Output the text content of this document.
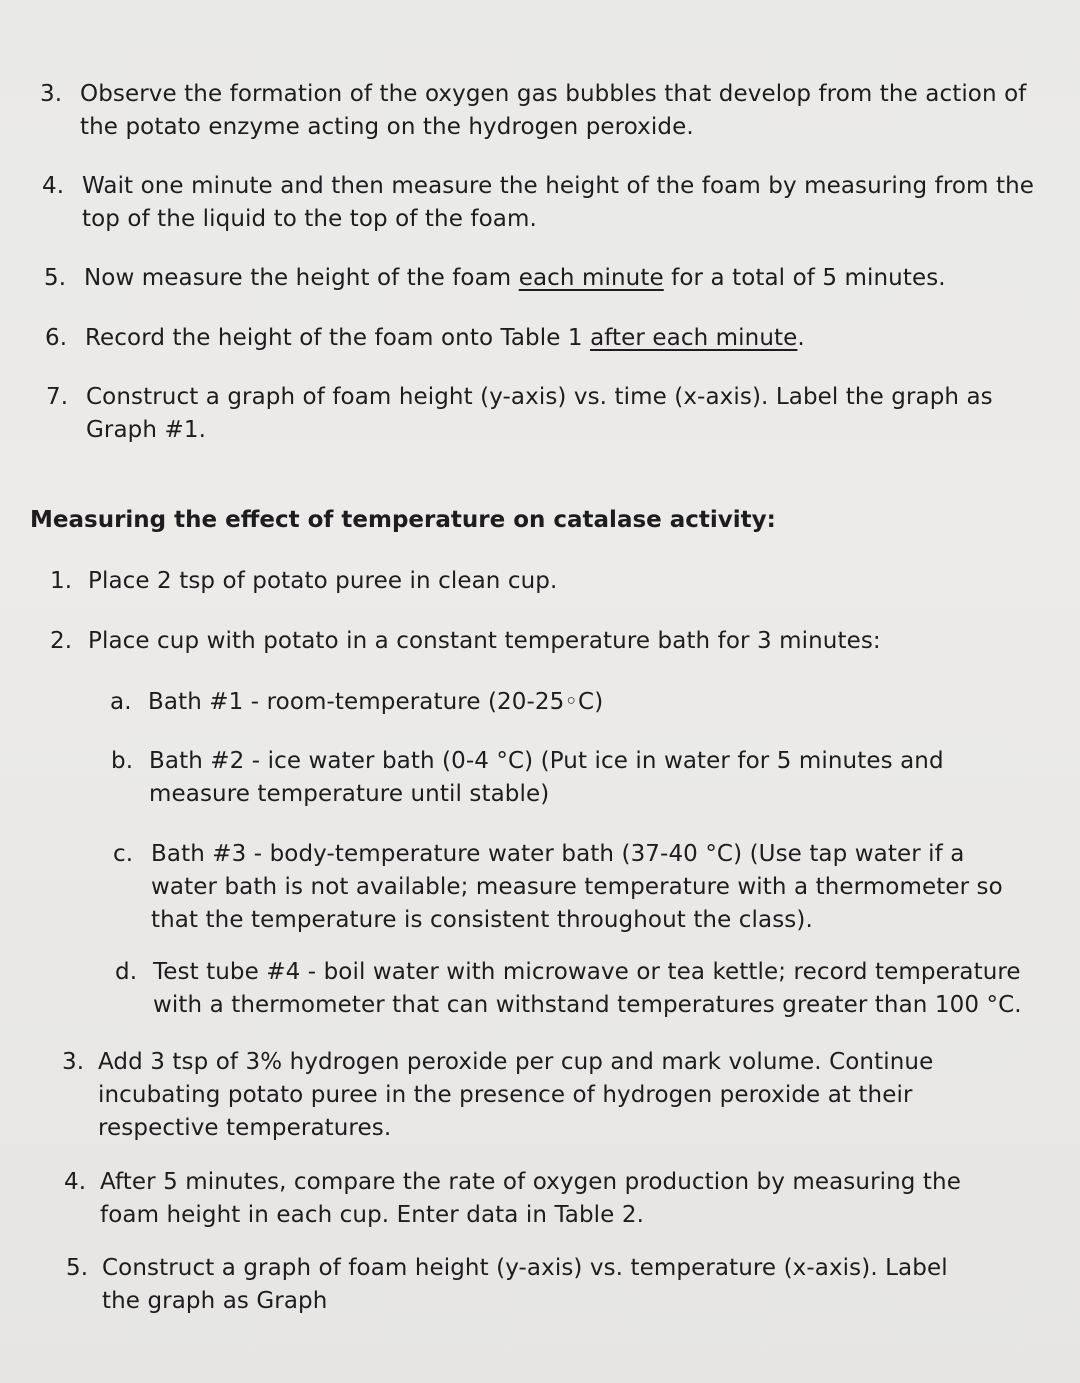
3. Observe the formation of the oxygen gas bubbles that develop from the action of the potato enzyme acting on the hydrogen peroxide.
4. Wait one minute and then measure the height of the foam by measuring from the top of the liquid to the top of the foam.
5. Now measure the height of the foam each minute for a total of 5 minutes.
6. Record the height of the foam onto Table 1 after each minute.
7. Construct a graph of foam height (y-axis) vs. time (x-axis). Label the graph as Graph #1.
Measuring the effect of temperature on catalase activity:
1. Place 2 tsp of potato puree in clean cup.
2. Place cup with potato in a constant temperature bath for 3 minutes:
a. Bath #1 - room-temperature (20-25◦C)
b. Bath #2 - ice water bath (0-4 °C) (Put ice in water for 5 minutes and measure temperature until stable)
c. Bath #3 - body-temperature water bath (37-40 °C) (Use tap water if a water bath is not available; measure temperature with a thermometer so that the temperature is consistent throughout the class).
d. Test tube #4 - boil water with microwave or tea kettle; record temperature with a thermometer that can withstand temperatures greater than 100 °C.
3. Add 3 tsp of 3% hydrogen peroxide per cup and mark volume. Continue incubating potato puree in the presence of hydrogen peroxide at their respective temperatures.
4. After 5 minutes, compare the rate of oxygen production by measuring the foam height in each cup. Enter data in Table 2.
5. Construct a graph of foam height (y-axis) vs. temperature (x-axis). Label the graph as Graph
